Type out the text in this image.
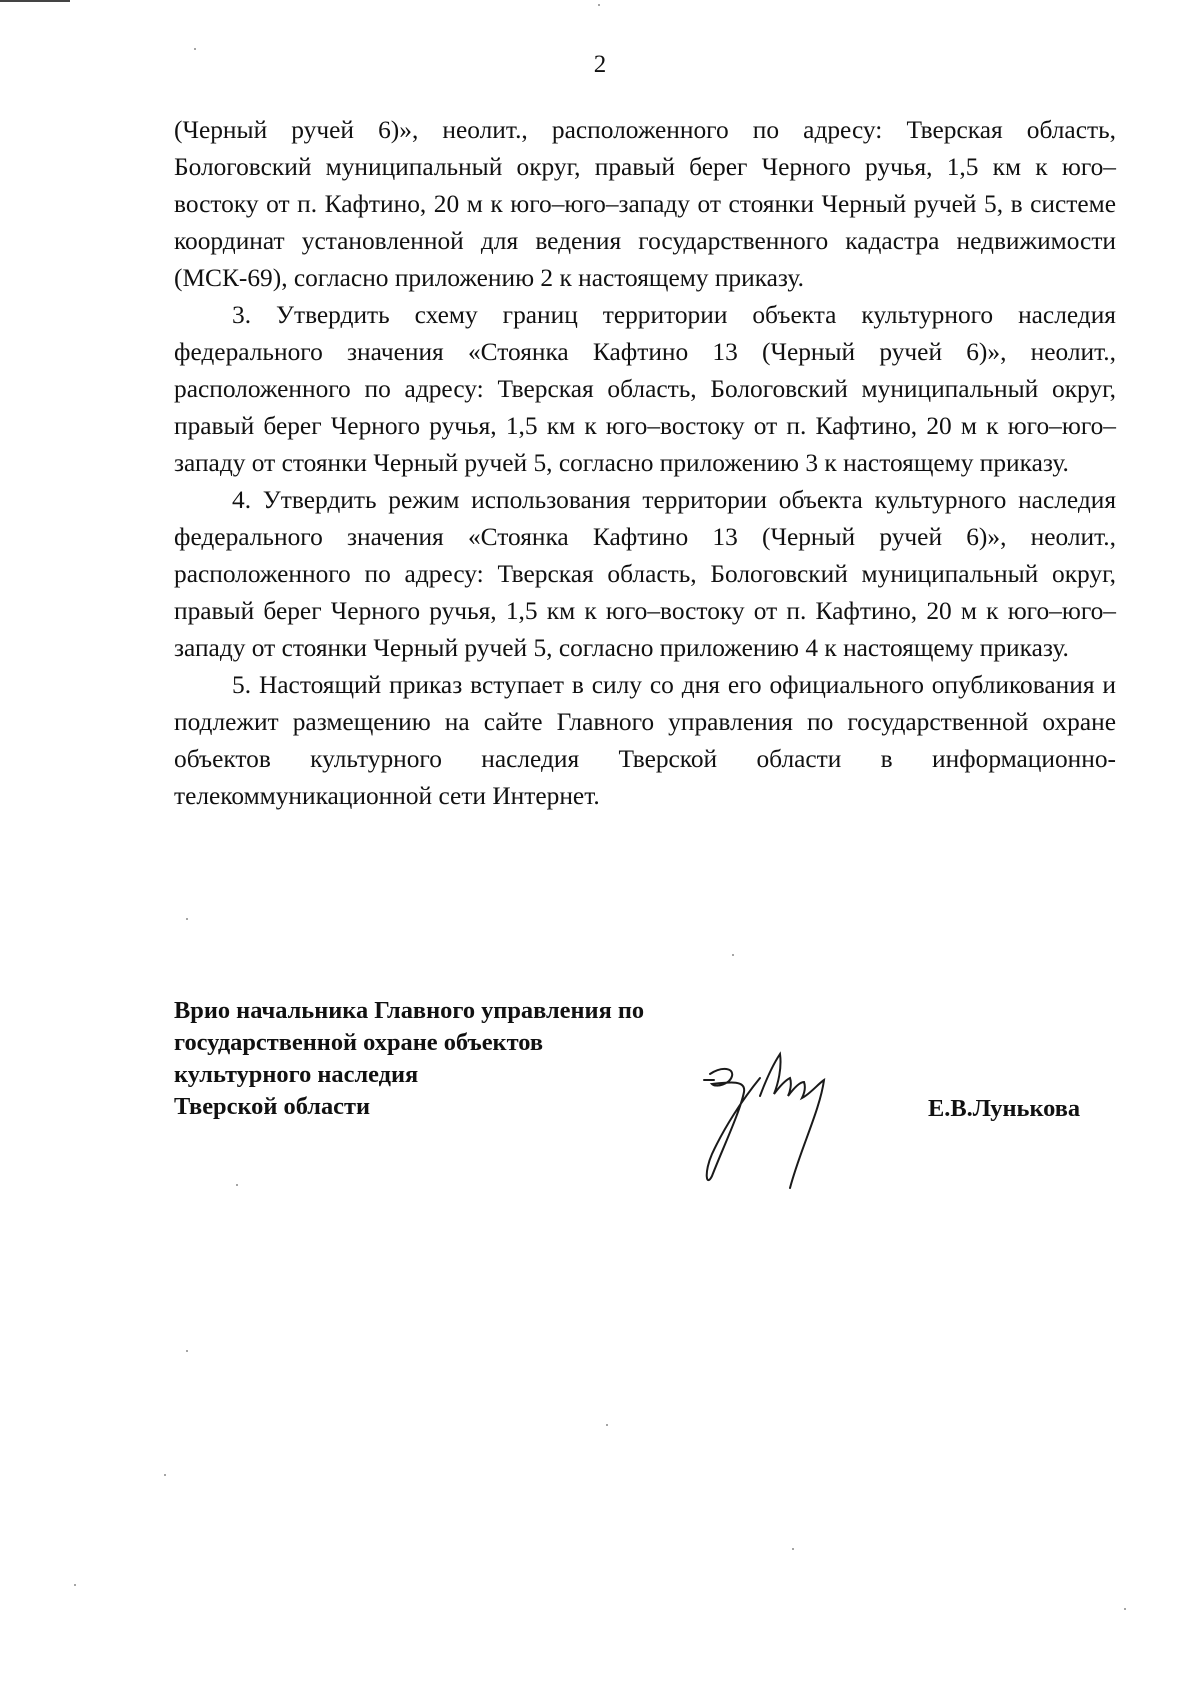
2

(Черный ручей 6)», неолит., расположенного по адресу: Тверская область, Бологовский муниципальный округ, правый берег Черного ручья, 1,5 км к юго–востоку от п. Кафтино, 20 м к юго–юго–западу от стоянки Черный ручей 5, в системе координат установленной для ведения государственного кадастра недвижимости (МСК-69), согласно приложению 2 к настоящему приказу.

3. Утвердить схему границ территории объекта культурного наследия федерального значения «Стоянка Кафтино 13 (Черный ручей 6)», неолит., расположенного по адресу: Тверская область, Бологовский муниципальный округ, правый берег Черного ручья, 1,5 км к юго–востоку от п. Кафтино, 20 м к юго–юго–западу от стоянки Черный ручей 5, согласно приложению 3 к настоящему приказу.

4. Утвердить режим использования территории объекта культурного наследия федерального значения «Стоянка Кафтино 13 (Черный ручей 6)», неолит., расположенного по адресу: Тверская область, Бологовский муниципальный округ, правый берег Черного ручья, 1,5 км к юго–востоку от п. Кафтино, 20 м к юго–юго–западу от стоянки Черный ручей 5, согласно приложению 4 к настоящему приказу.

5. Настоящий приказ вступает в силу со дня его официального опубликования и подлежит размещению на сайте Главного управления по государственной охране объектов культурного наследия Тверской области в информационно-телекоммуникационной сети Интернет.

Врио начальника Главного управления по
государственной охране объектов
культурного наследия
Тверской области	Е.В.Лунькова
